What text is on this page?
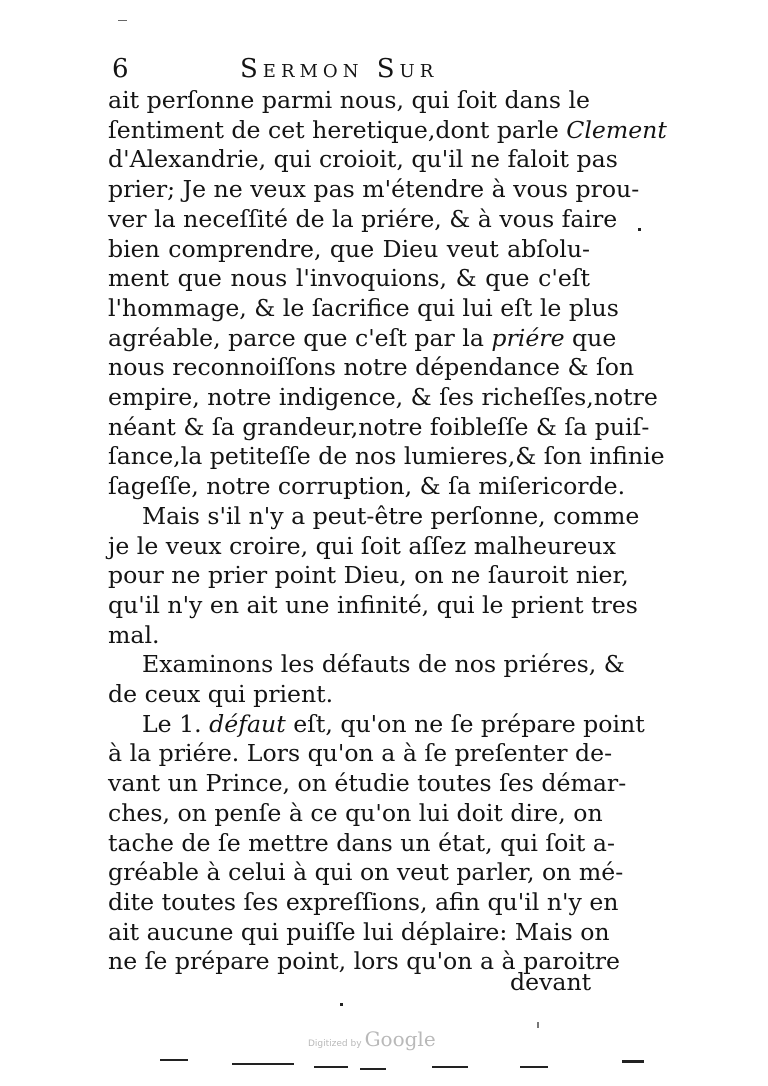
6	Sermon Sur
ait perſonne parmi nous, qui ſoit dans le
ſentiment de cet heretique,dont parle Clement
d'Alexandrie, qui croioit, qu'il ne faloit pas
prier; Je ne veux pas m'étendre à vous prou-
ver la neceſſité de la priére, & à vous faire
bien comprendre, que Dieu veut abſolu-
ment que nous l'invoquions, & que c'eſt
l'hommage, & le ſacrifice qui lui eſt le plus
agréable, parce que c'eſt par la priére que
nous reconnoiſſons notre dépendance & ſon
empire, notre indigence, & ſes richeſſes,notre
néant & ſa grandeur,notre foibleſſe & ſa puiſ-
ſance,la petiteſſe de nos lumieres,& ſon infinie
ſageſſe, notre corruption, & ſa miſericorde.
Mais s'il n'y a peut-être perſonne, comme
je le veux croire, qui ſoit aſſez malheureux
pour ne prier point Dieu, on ne ſauroit nier,
qu'il n'y en ait une infinité, qui le prient tres
mal.
Examinons les défauts de nos priéres, &
de ceux qui prient.
Le 1. défaut eſt, qu'on ne ſe prépare point
à la priére. Lors qu'on a à ſe preſenter de-
vant un Prince, on étudie toutes ſes démar-
ches, on penſe à ce qu'on lui doit dire, on
tache de ſe mettre dans un état, qui ſoit a-
gréable à celui à qui on veut parler, on mé-
dite toutes ſes expreſſions, afin qu'il n'y en
ait aucune qui puiſſe lui déplaire: Mais on
ne ſe prépare point, lors qu'on a à paroitre
devant
Digitized by Google
